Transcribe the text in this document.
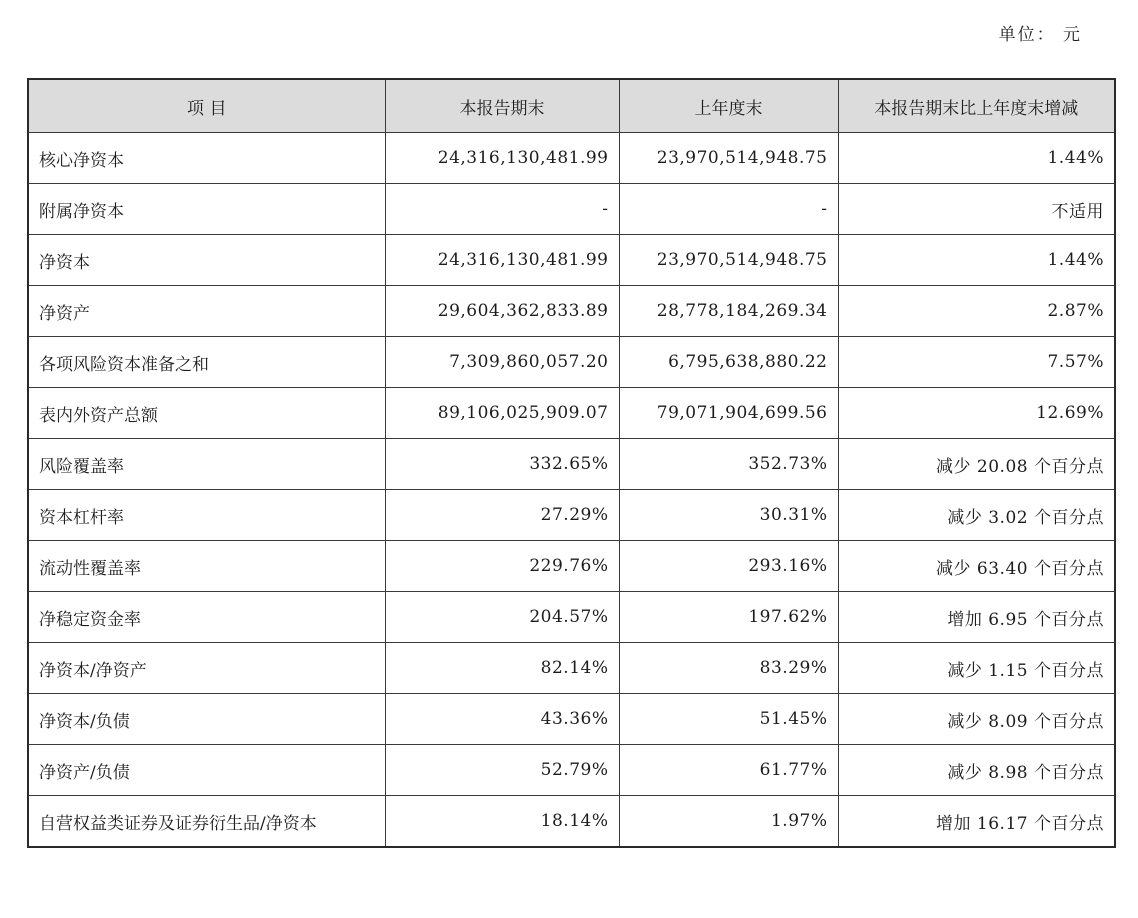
单位： 元
项 目	本报告期末	上年度末	本报告期末比上年度末增减
核心净资本	24,316,130,481.99	23,970,514,948.75	1.44%
附属净资本	-	-	不适用
净资本	24,316,130,481.99	23,970,514,948.75	1.44%
净资产	29,604,362,833.89	28,778,184,269.34	2.87%
各项风险资本准备之和	7,309,860,057.20	6,795,638,880.22	7.57%
表内外资产总额	89,106,025,909.07	79,071,904,699.56	12.69%
风险覆盖率	332.65%	352.73%	减少 20.08 个百分点
资本杠杆率	27.29%	30.31%	减少 3.02 个百分点
流动性覆盖率	229.76%	293.16%	减少 63.40 个百分点
净稳定资金率	204.57%	197.62%	增加 6.95 个百分点
净资本/净资产	82.14%	83.29%	减少 1.15 个百分点
净资本/负债	43.36%	51.45%	减少 8.09 个百分点
净资产/负债	52.79%	61.77%	减少 8.98 个百分点
自营权益类证券及证券衍生品/净资本	18.14%	1.97%	增加 16.17 个百分点
